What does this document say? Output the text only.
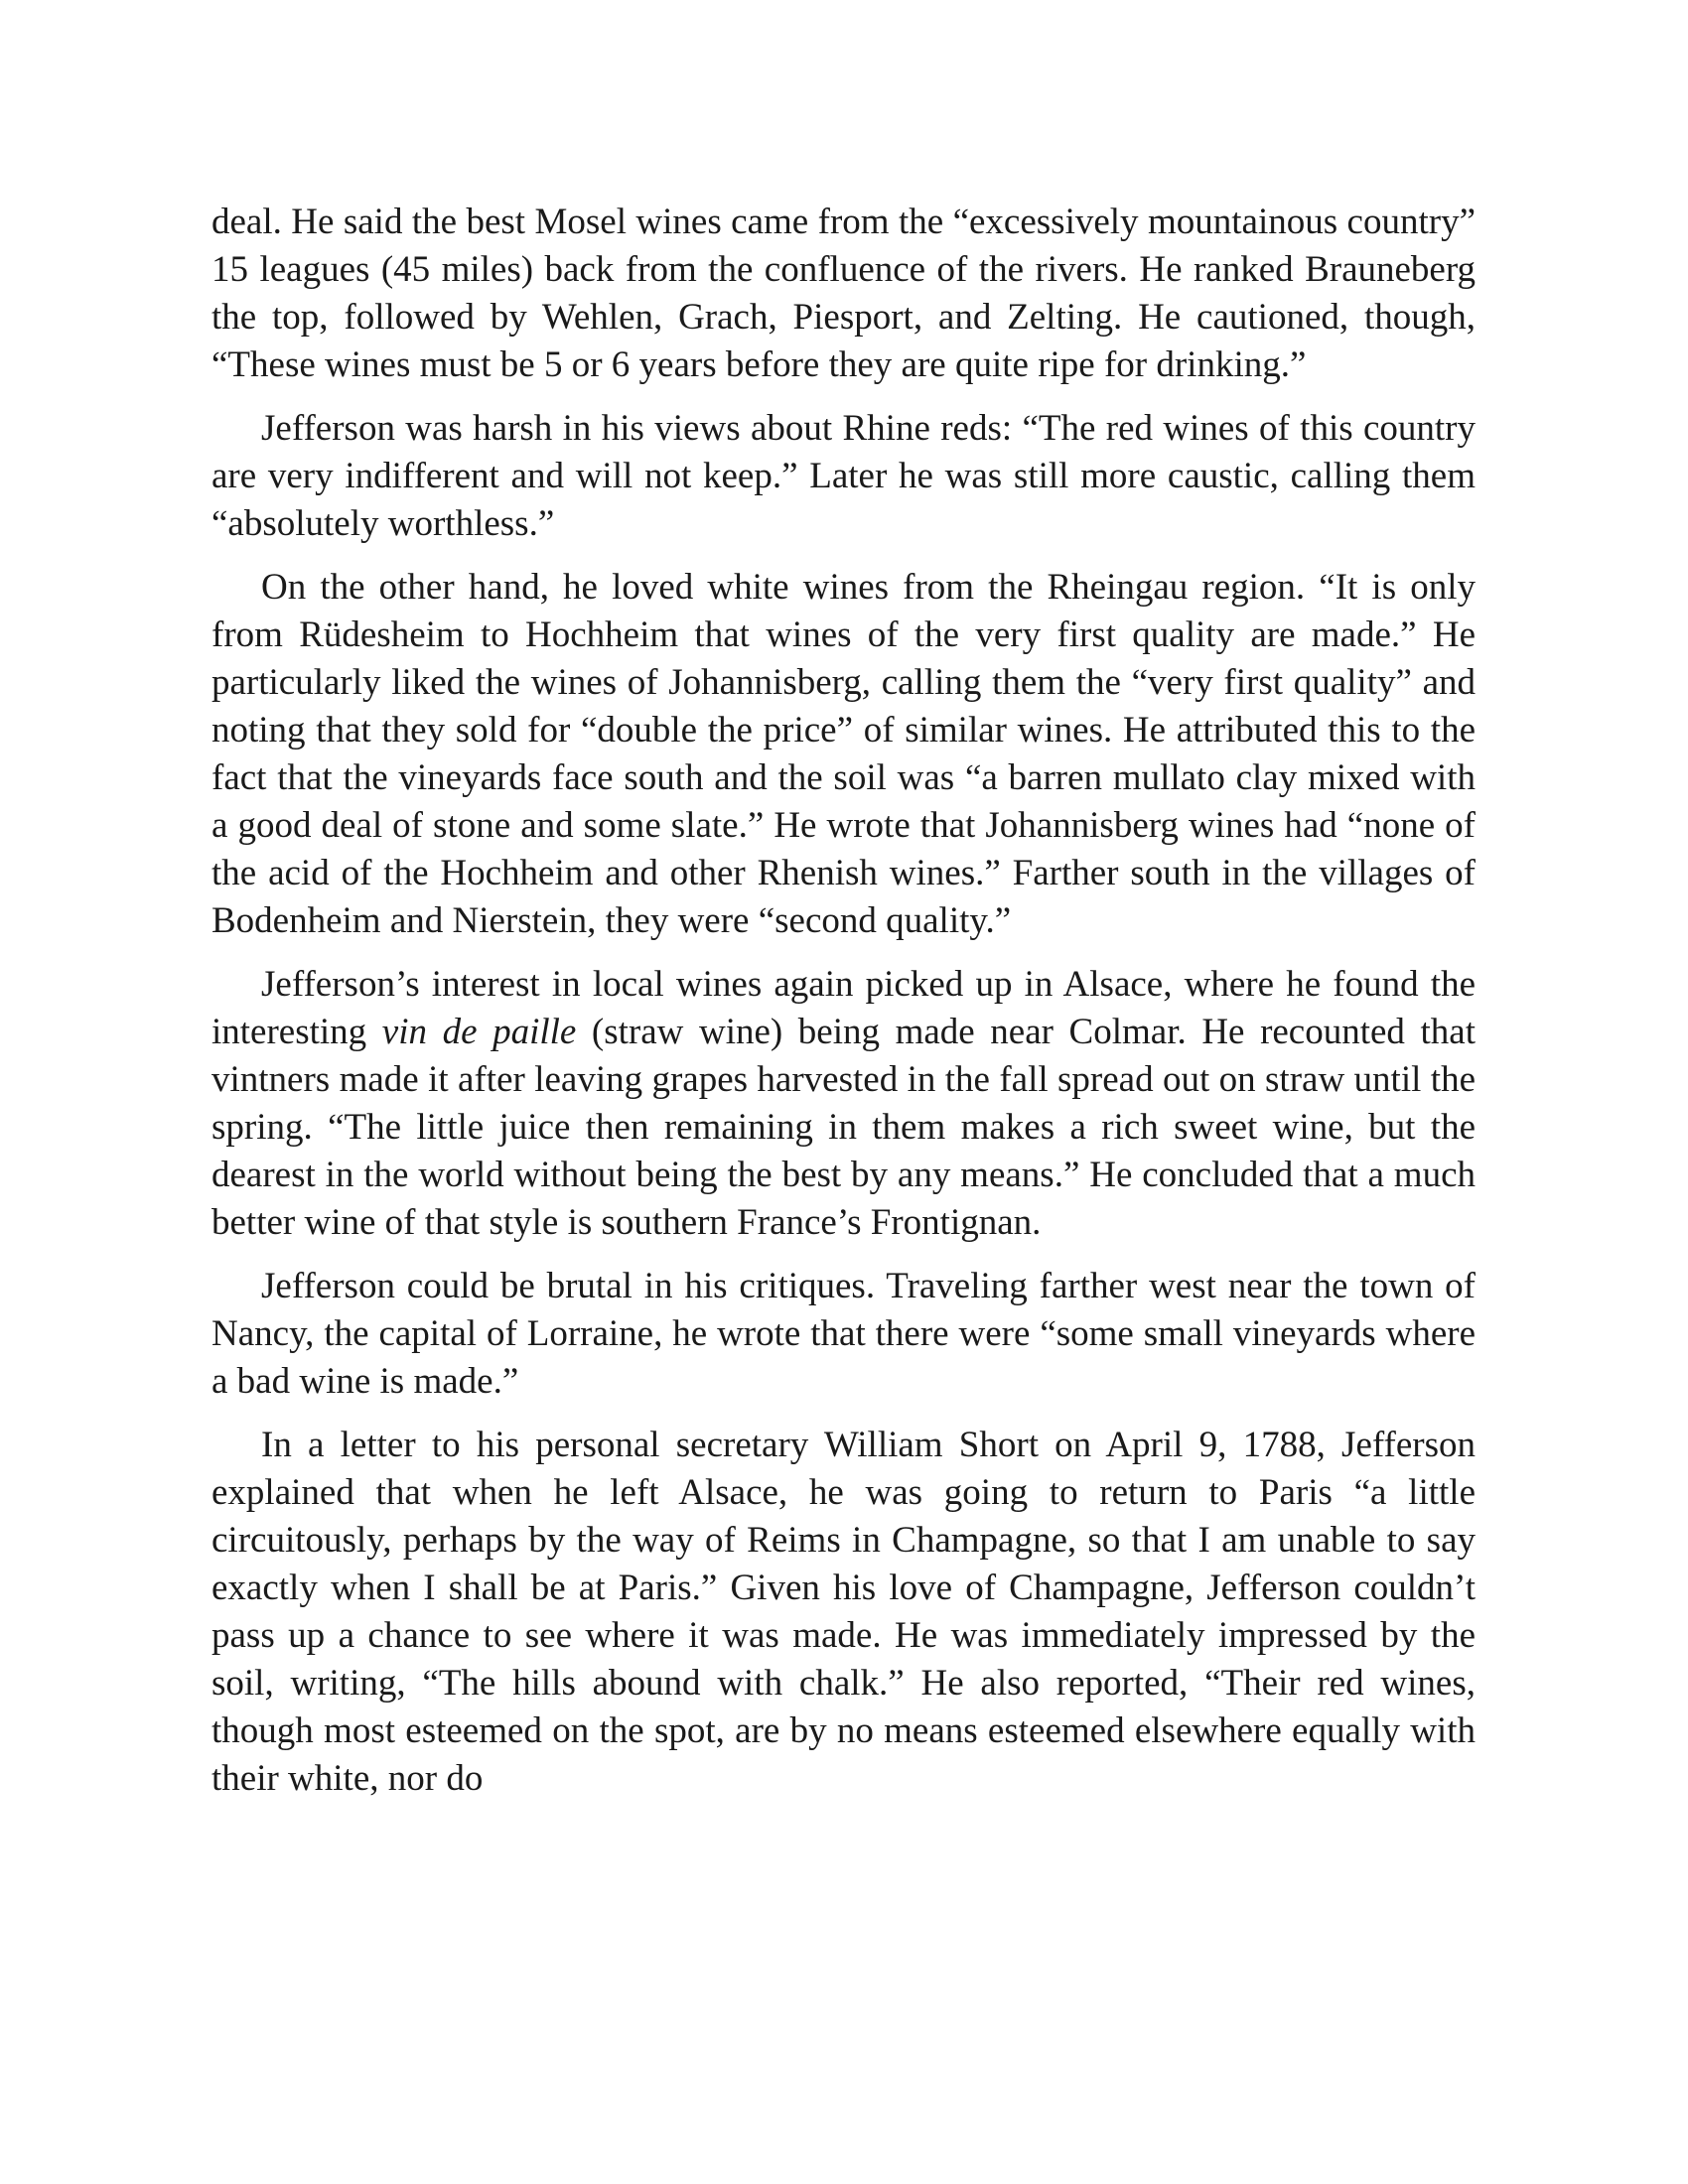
deal. He said the best Mosel wines came from the “excessively mountainous country” 15 leagues (45 miles) back from the confluence of the rivers. He ranked Brauneberg the top, followed by Wehlen, Grach, Piesport, and Zelting. He cautioned, though, “These wines must be 5 or 6 years before they are quite ripe for drinking.”

Jefferson was harsh in his views about Rhine reds: “The red wines of this country are very indifferent and will not keep.” Later he was still more caustic, calling them “absolutely worthless.”

On the other hand, he loved white wines from the Rheingau region. “It is only from Rüdesheim to Hochheim that wines of the very first quality are made.” He particularly liked the wines of Johannisberg, calling them the “very first quality” and noting that they sold for “double the price” of similar wines. He attributed this to the fact that the vineyards face south and the soil was “a barren mullato clay mixed with a good deal of stone and some slate.” He wrote that Johannisberg wines had “none of the acid of the Hochheim and other Rhenish wines.” Farther south in the villages of Bodenheim and Nierstein, they were “second quality.”

Jefferson’s interest in local wines again picked up in Alsace, where he found the interesting vin de paille (straw wine) being made near Colmar. He recounted that vintners made it after leaving grapes harvested in the fall spread out on straw until the spring. “The little juice then remaining in them makes a rich sweet wine, but the dearest in the world without being the best by any means.” He concluded that a much better wine of that style is southern France’s Frontignan.

Jefferson could be brutal in his critiques. Traveling farther west near the town of Nancy, the capital of Lorraine, he wrote that there were “some small vineyards where a bad wine is made.”

In a letter to his personal secretary William Short on April 9, 1788, Jefferson explained that when he left Alsace, he was going to return to Paris “a little circuitously, perhaps by the way of Reims in Champagne, so that I am unable to say exactly when I shall be at Paris.” Given his love of Champagne, Jefferson couldn’t pass up a chance to see where it was made. He was immediately impressed by the soil, writing, “The hills abound with chalk.” He also reported, “Their red wines, though most esteemed on the spot, are by no means esteemed elsewhere equally with their white, nor do
